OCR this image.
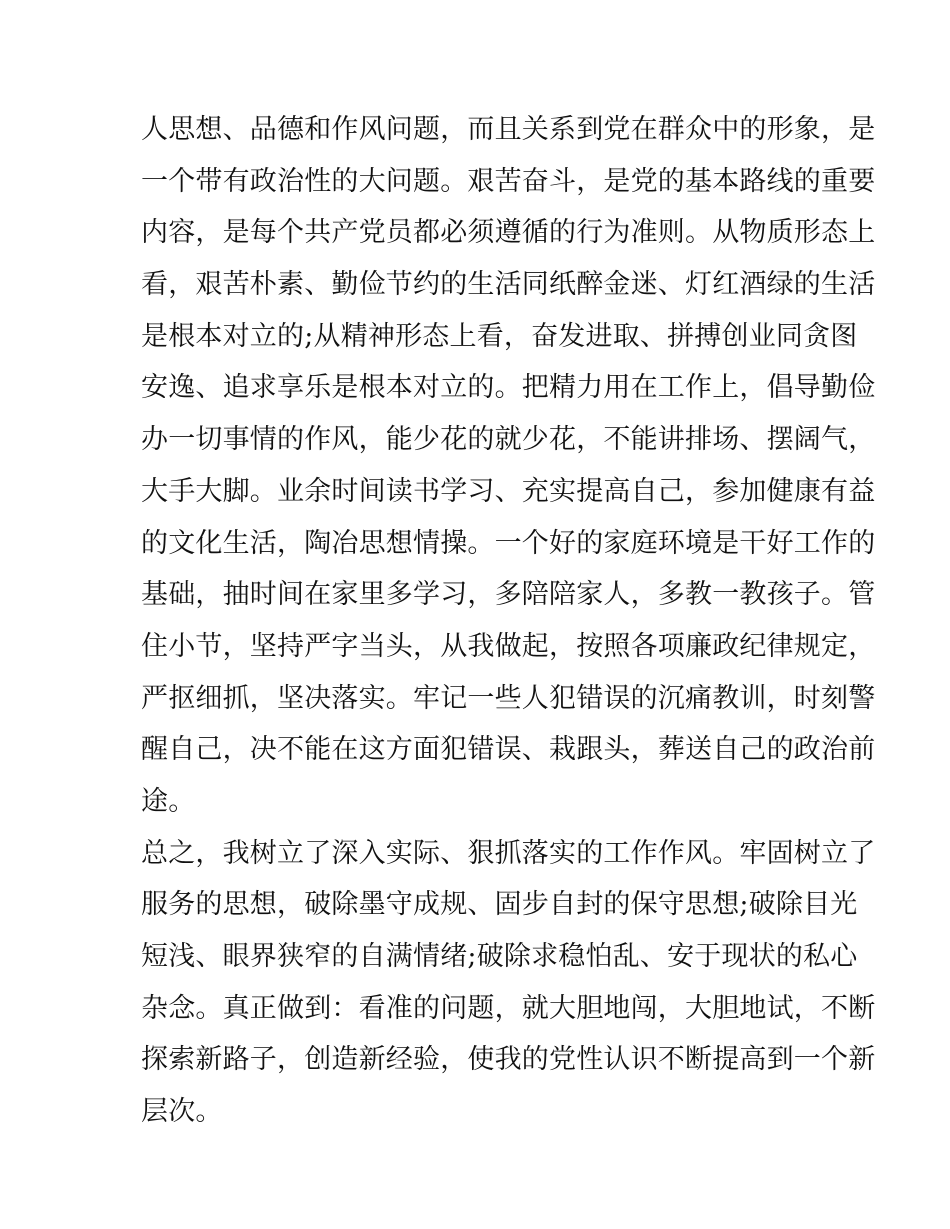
人思想、品德和作风问题，而且关系到党在群众中的形象，是
一个带有政治性的大问题。艰苦奋斗，是党的基本路线的重要
内容，是每个共产党员都必须遵循的行为准则。从物质形态上
看，艰苦朴素、勤俭节约的生活同纸醉金迷、灯红酒绿的生活
是根本对立的;从精神形态上看，奋发进取、拼搏创业同贪图
安逸、追求享乐是根本对立的。把精力用在工作上，倡导勤俭
办一切事情的作风，能少花的就少花，不能讲排场、摆阔气，
大手大脚。业余时间读书学习、充实提高自己，参加健康有益
的文化生活，陶冶思想情操。一个好的家庭环境是干好工作的
基础，抽时间在家里多学习，多陪陪家人，多教一教孩子。管
住小节，坚持严字当头，从我做起，按照各项廉政纪律规定，
严抠细抓，坚决落实。牢记一些人犯错误的沉痛教训，时刻警
醒自己，决不能在这方面犯错误、栽跟头，葬送自己的政治前
途。
总之，我树立了深入实际、狠抓落实的工作作风。牢固树立了
服务的思想，破除墨守成规、固步自封的保守思想;破除目光
短浅、眼界狭窄的自满情绪;破除求稳怕乱、安于现状的私心
杂念。真正做到：看准的问题，就大胆地闯，大胆地试，不断
探索新路子，创造新经验，使我的党性认识不断提高到一个新
层次。
